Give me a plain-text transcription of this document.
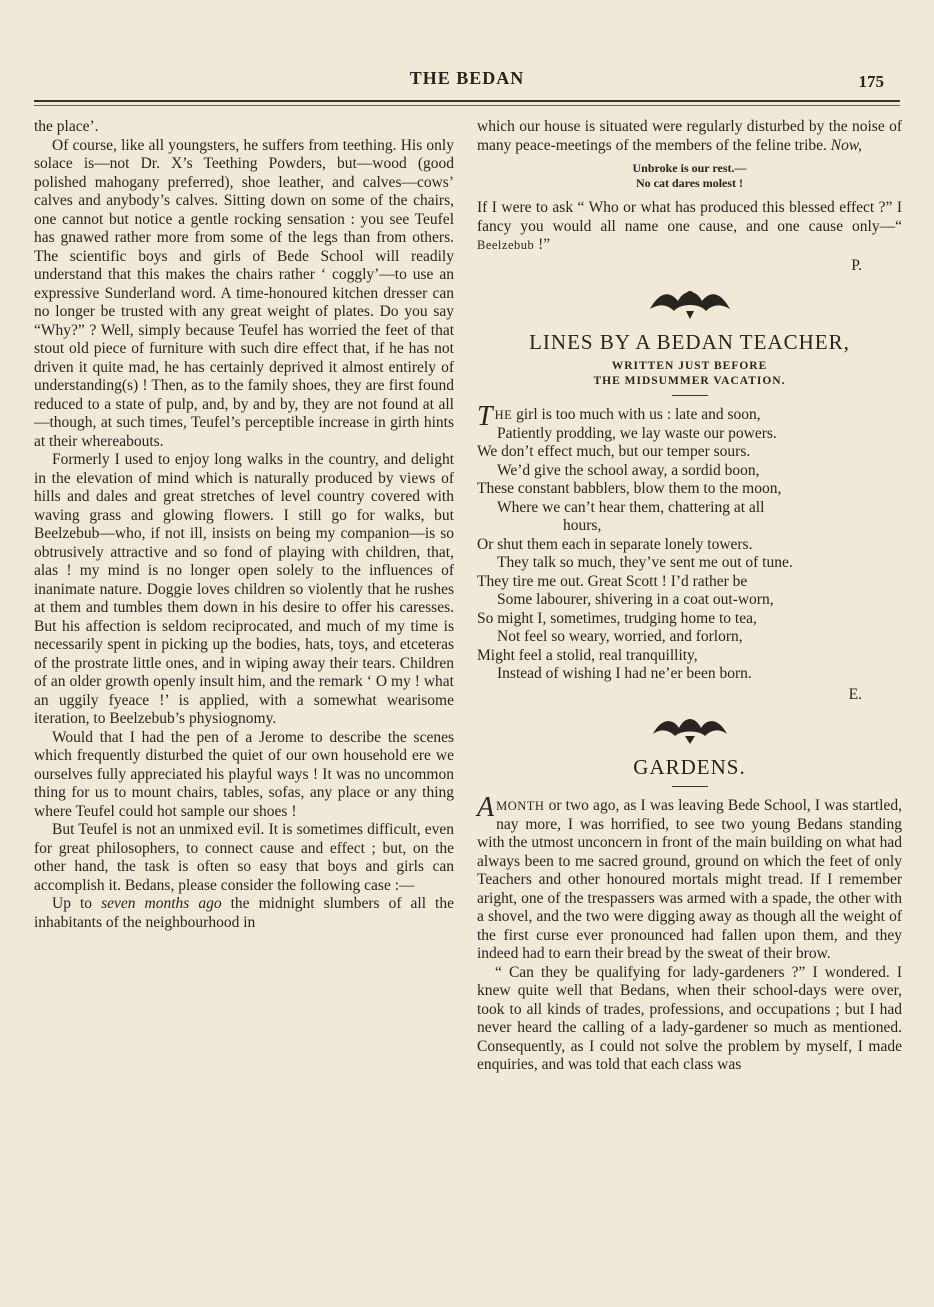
THE BEDAN	175

the place’.

Of course, like all youngsters, he suffers from teething. His only solace is—not Dr. X’s Teething Powders, but—wood (good polished mahogany preferred), shoe leather, and calves—cows’ calves and anybody’s calves. Sitting down on some of the chairs, one cannot but notice a gentle rocking sensation : you see Teufel has gnawed rather more from some of the legs than from others. The scientific boys and girls of Bede School will readily understand that this makes the chairs rather ‘ coggly’—to use an expressive Sunderland word. A time-honoured kitchen dresser can no longer be trusted with any great weight of plates. Do you say “Why?” ? Well, simply because Teufel has worried the feet of that stout old piece of furniture with such dire effect that, if he has not driven it quite mad, he has certainly deprived it almost entirely of understanding(s) ! Then, as to the family shoes, they are first found reduced to a state of pulp, and, by and by, they are not found at all—though, at such times, Teufel’s perceptible increase in girth hints at their whereabouts.

Formerly I used to enjoy long walks in the country, and delight in the elevation of mind which is naturally produced by views of hills and dales and great stretches of level country covered with waving grass and glowing flowers. I still go for walks, but Beelzebub—who, if not ill, insists on being my companion—is so obtrusively attractive and so fond of playing with children, that, alas ! my mind is no longer open solely to the influences of inanimate nature. Doggie loves children so violently that he rushes at them and tumbles them down in his desire to offer his caresses. But his affection is seldom reciprocated, and much of my time is necessarily spent in picking up the bodies, hats, toys, and etceteras of the prostrate little ones, and in wiping away their tears. Children of an older growth openly insult him, and the remark ‘ O my ! what an uggily fyeace !’ is applied, with a somewhat wearisome iteration, to Beelzebub’s physiognomy.

Would that I had the pen of a Jerome to describe the scenes which frequently disturbed the quiet of our own household ere we ourselves fully appreciated his playful ways ! It was no uncommon thing for us to mount chairs, tables, sofas, any place or any thing where Teufel could hot sample our shoes !

But Teufel is not an unmixed evil. It is sometimes difficult, even for great philosophers, to connect cause and effect ; but, on the other hand, the task is often so easy that boys and girls can accomplish it. Bedans, please consider the following case :—

Up to seven months ago the midnight slumbers of all the inhabitants of the neighbourhood in

which our house is situated were regularly disturbed by the noise of many peace-meetings of the members of the feline tribe. Now,

Unbroke is our rest.—
No cat dares molest !

If I were to ask “ Who or what has produced this blessed effect ?” I fancy you would all name one cause, and one cause only—“ Beelzebub !”

P.
LINES BY A BEDAN TEACHER,
WRITTEN JUST BEFORE
THE MIDSUMMER VACATION.
THE girl is too much with us : late and soon,
Patiently prodding, we lay waste our powers.
We don’t effect much, but our temper sours.
We’d give the school away, a sordid boon,
These constant babblers, blow them to the moon,
Where we can’t hear them, chattering at all
hours,
Or shut them each in separate lonely towers.
They talk so much, they’ve sent me out of tune.
They tire me out. Great Scott ! I’d rather be
Some labourer, shivering in a coat out-worn,
So might I, sometimes, trudging home to tea,
Not feel so weary, worried, and forlorn,
Might feel a stolid, real tranquillity,
Instead of wishing I had ne’er been born.
E.
GARDENS.

AMONTH or two ago, as I was leaving Bede School, I was startled, nay more, I was horrified, to see two young Bedans standing with the utmost unconcern in front of the main building on what had always been to me sacred ground, ground on which the feet of only Teachers and other honoured mortals might tread. If I remember aright, one of the trespassers was armed with a spade, the other with a shovel, and the two were digging away as though all the weight of the first curse ever pronounced had fallen upon them, and they indeed had to earn their bread by the sweat of their brow.

“ Can they be qualifying for lady-gardeners ?” I wondered. I knew quite well that Bedans, when their school-days were over, took to all kinds of trades, professions, and occupations ; but I had never heard the calling of a lady-gardener so much as mentioned. Consequently, as I could not solve the problem by myself, I made enquiries, and was told that each class was
